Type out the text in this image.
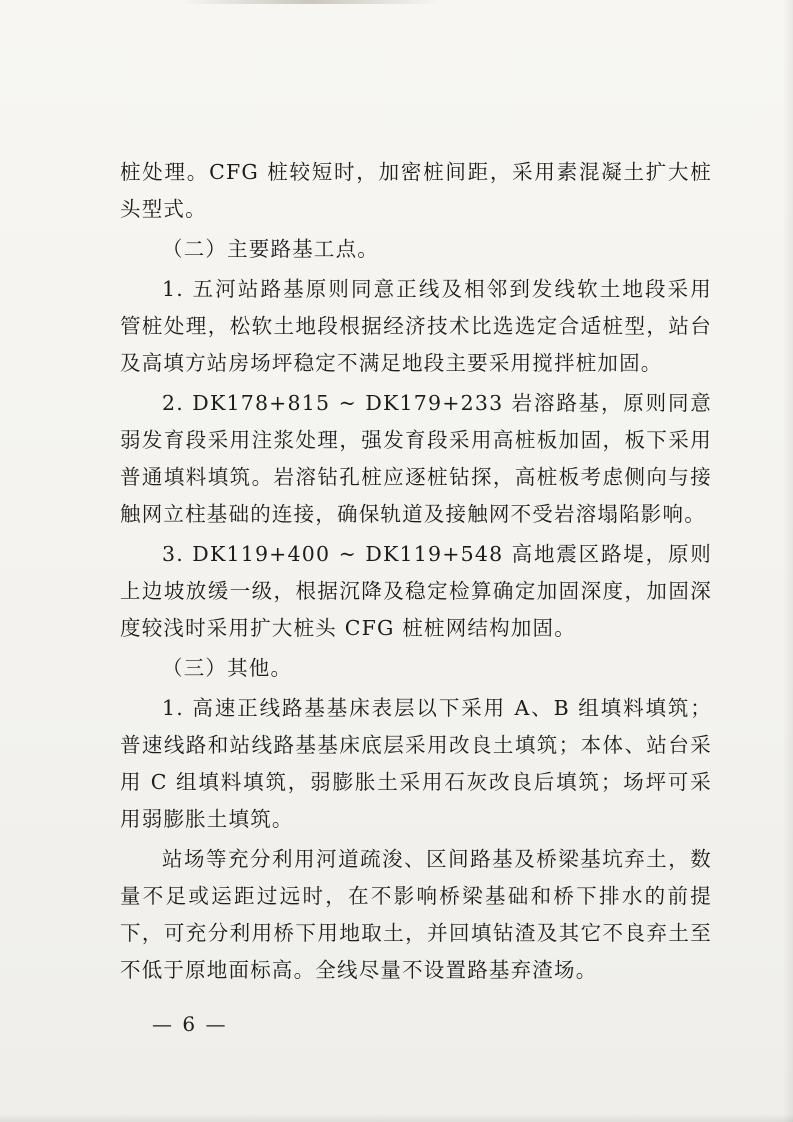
桩处理。CFG 桩较短时，加密桩间距，采用素混凝土扩大桩头型式。

（二）主要路基工点。

1. 五河站路基原则同意正线及相邻到发线软土地段采用管桩处理，松软土地段根据经济技术比选选定合适桩型，站台及高填方站房场坪稳定不满足地段主要采用搅拌桩加固。

2. DK178+815 ~ DK179+233 岩溶路基，原则同意弱发育段采用注浆处理，强发育段采用高桩板加固，板下采用普通填料填筑。岩溶钻孔桩应逐桩钻探，高桩板考虑侧向与接触网立柱基础的连接，确保轨道及接触网不受岩溶塌陷影响。

3. DK119+400 ~ DK119+548 高地震区路堤，原则上边坡放缓一级，根据沉降及稳定检算确定加固深度，加固深度较浅时采用扩大桩头 CFG 桩桩网结构加固。

（三）其他。

1. 高速正线路基基床表层以下采用 A、B 组填料填筑；普速线路和站线路基基床底层采用改良土填筑；本体、站台采用 C 组填料填筑，弱膨胀土采用石灰改良后填筑；场坪可采用弱膨胀土填筑。

站场等充分利用河道疏浚、区间路基及桥梁基坑弃土，数量不足或运距过远时，在不影响桥梁基础和桥下排水的前提下，可充分利用桥下用地取土，并回填钻渣及其它不良弃土至不低于原地面标高。全线尽量不设置路基弃渣场。

— 6 —
